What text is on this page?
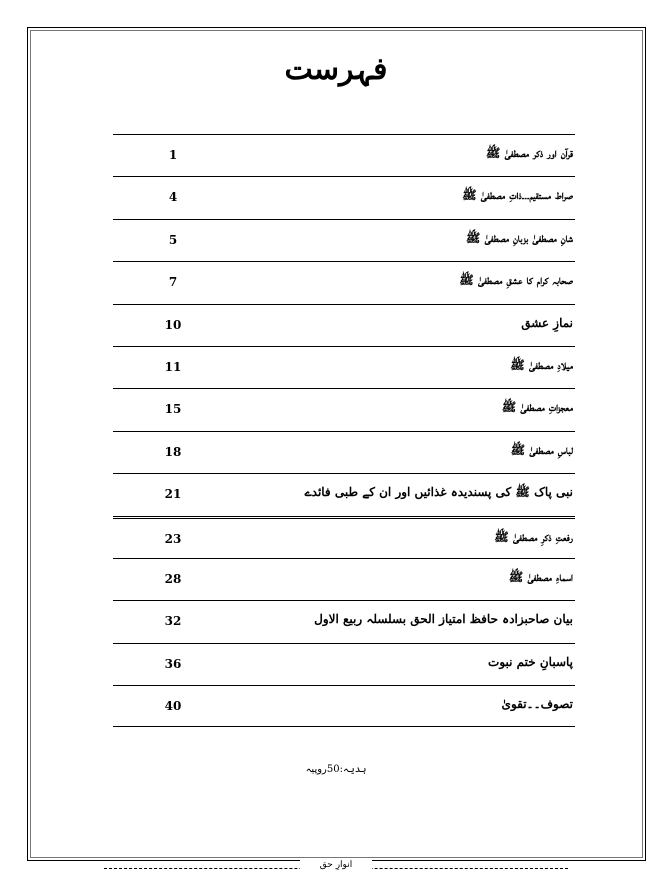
فہرست
قرآن اور ذکر مصطفیٰ ﷺ
1
صراط مستقیم۔۔۔ذاتِ مصطفیٰ ﷺ
4
شانِ مصطفیٰ بزبانِ مصطفیٰ ﷺ
5
صحابہ کرام کا عشقِ مصطفیٰ ﷺ
7
نمازِ عشق
10
میلادِ مصطفیٰ ﷺ
11
معجزاتِ مصطفیٰ ﷺ
15
لباسِ مصطفیٰ ﷺ
18
نبی پاک ﷺ کی پسندیدہ غذائیں اور ان کے طبی فائدے
21
رفعتِ ذکرِ مصطفیٰ ﷺ
23
اسماءِ مصطفیٰ ﷺ
28
بیان صاحبزادہ حافظ امتیاز الحق بسلسلہ ربیع الاول
32
پاسبانِ ختم نبوت
36
تصوف۔۔تقویٰ
40
ہدیہ:50روپیہ
انوارِ حق
